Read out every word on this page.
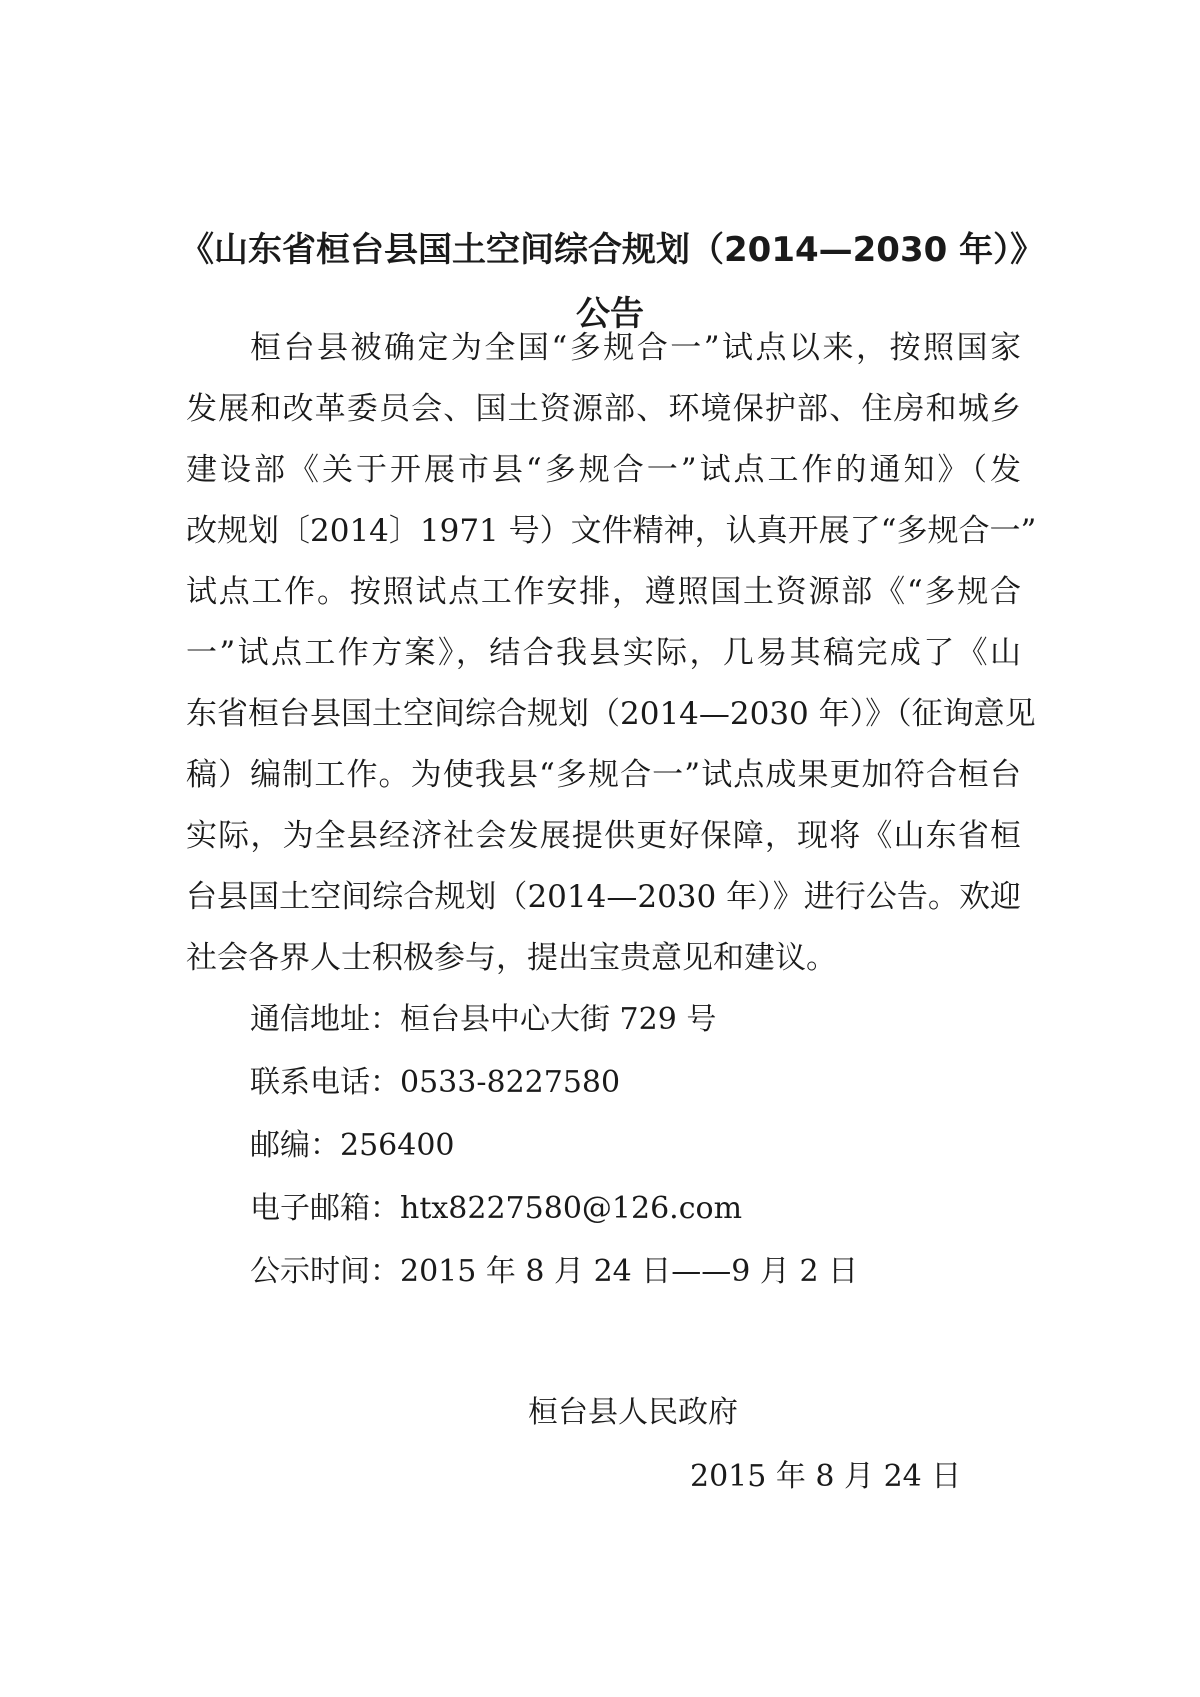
《山东省桓台县国土空间综合规划（2014—2030 年）》
公告
桓台县被确定为全国“多规合一”试点以来，按照国家
发展和改革委员会、国土资源部、环境保护部、住房和城乡
建设部《关于开展市县“多规合一”试点工作的通知》（发
改规划〔2014〕1971 号）文件精神，认真开展了“多规合一”
试点工作。按照试点工作安排，遵照国土资源部《“多规合
一”试点工作方案》，结合我县实际，几易其稿完成了《山
东省桓台县国土空间综合规划（2014—2030 年）》（征询意见
稿）编制工作。为使我县“多规合一”试点成果更加符合桓台
实际，为全县经济社会发展提供更好保障，现将《山东省桓
台县国土空间综合规划（2014—2030 年）》进行公告。欢迎
社会各界人士积极参与，提出宝贵意见和建议。
通信地址：桓台县中心大街 729 号
联系电话：0533-8227580
邮编：256400
电子邮箱：htx8227580@126.com
公示时间：2015 年 8 月 24 日——9 月 2 日
桓台县人民政府
2015 年 8 月 24 日
